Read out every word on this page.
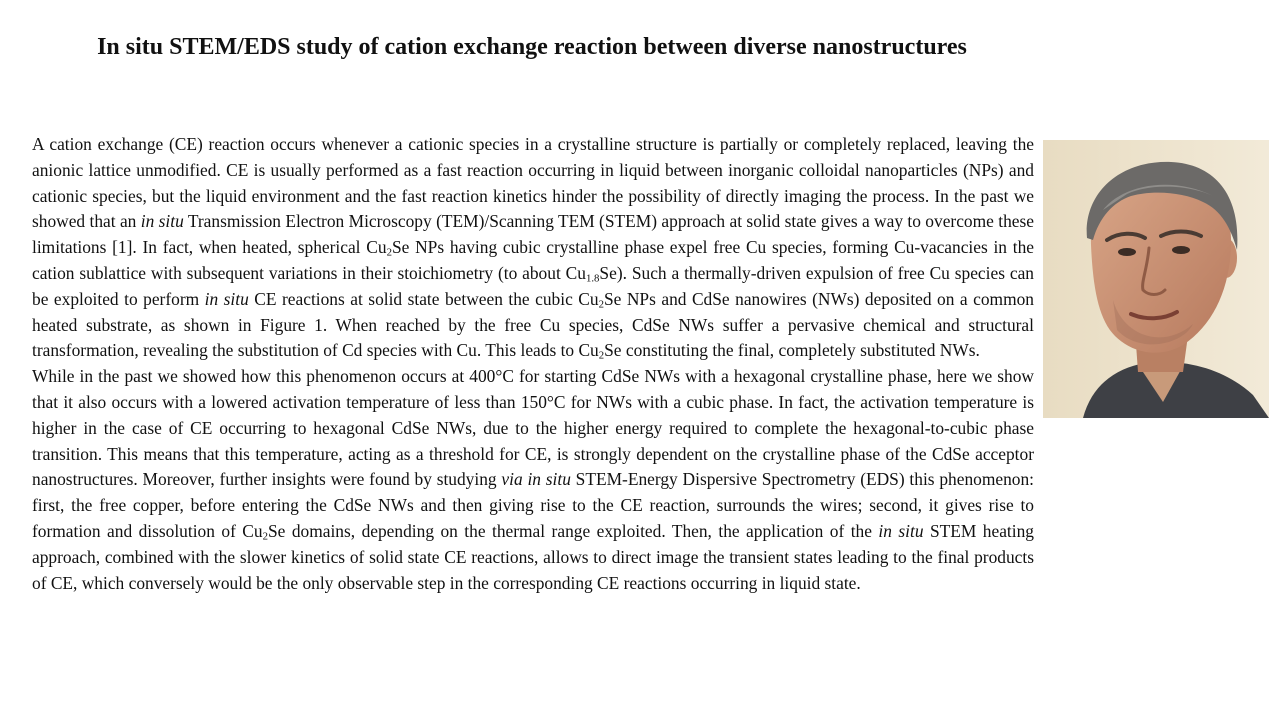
In situ STEM/EDS study of cation exchange reaction between diverse nanostructures

A cation exchange (CE) reaction occurs whenever a cationic species in a crystalline structure is partially or completely replaced, leaving the anionic lattice unmodified. CE is usually performed as a fast reaction occurring in liquid between inorganic colloidal nanoparticles (NPs) and cationic species, but the liquid environment and the fast reaction kinetics hinder the possibility of directly imaging the process. In the past we showed that an in situ Transmission Electron Microscopy (TEM)/Scanning TEM (STEM) approach at solid state gives a way to overcome these limitations [1]. In fact, when heated, spherical $Cu_2Se$ NPs having cubic crystalline phase expel free Cu species, forming Cu-vacancies in the cation sublattice with subsequent variations in their stoichiometry (to about $Cu_{1.8}Se$). Such a thermally-driven expulsion of free Cu species can be exploited to perform in situ CE reactions at solid state between the cubic $Cu_2Se$ NPs and CdSe nanowires (NWs) deposited on a common heated substrate, as shown in Figure 1. When reached by the free Cu species, CdSe NWs suffer a pervasive chemical and structural transformation, revealing the substitution of Cd species with Cu. This leads to $Cu_2Se$ constituting the final, completely substituted NWs.

While in the past we showed how this phenomenon occurs at 400°C for starting CdSe NWs with a hexagonal crystalline phase, here we show that it also occurs with a lowered activation temperature of less than 150°C for NWs with a cubic phase. In fact, the activation temperature is higher in the case of CE occurring to hexagonal CdSe NWs, due to the higher energy required to complete the hexagonal-to-cubic phase transition. This means that this temperature, acting as a threshold for CE, is strongly dependent on the crystalline phase of the CdSe acceptor nanostructures. Moreover, further insights were found by studying via in situ STEM-Energy Dispersive Spectrometry (EDS) this phenomenon: first, the free copper, before entering the CdSe NWs and then giving rise to the CE reaction, surrounds the wires; second, it gives rise to formation and dissolution of $Cu_2Se$ domains, depending on the thermal range exploited. Then, the application of the in situ STEM heating approach, combined with the slower kinetics of solid state CE reactions, allows to direct image the transient states leading to the final products of CE, which conversely would be the only observable step in the corresponding CE reactions occurring in liquid state.
